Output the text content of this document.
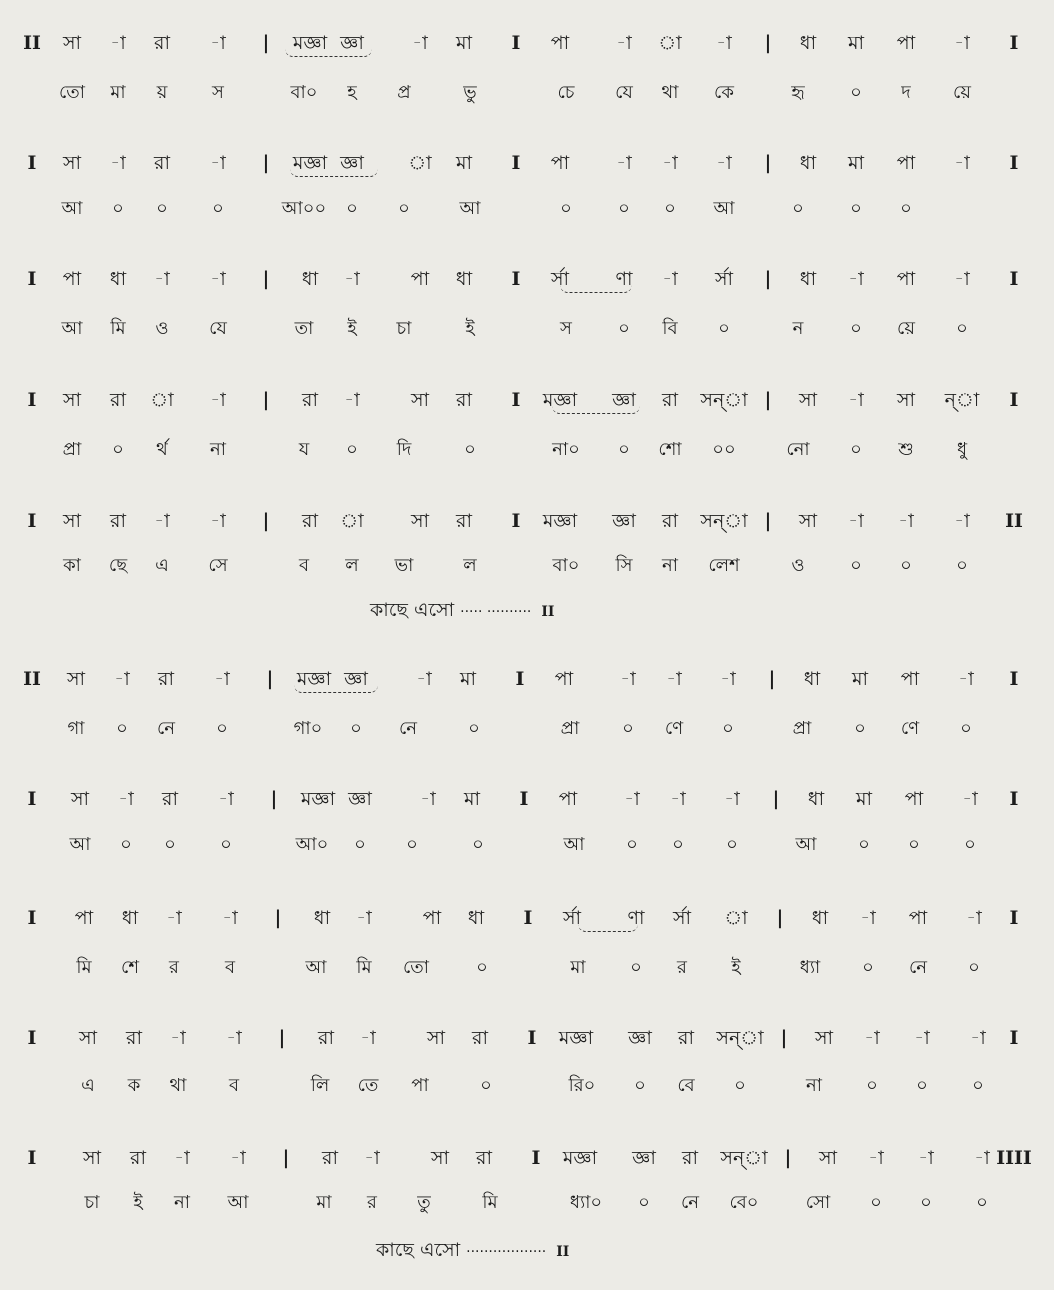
II সা -া রা -া | মজ্ঞা জ্ঞা	-া মা I পা -া া -া | ধা মা পা -া I
তো মা য় স	বা০ হ প্র	ভু	চে যে থা কে	হৃ	০ দ য়ে
I সা -া রা -া | মজ্ঞা জ্ঞা া মা I পা -া -া -া | ধা মা পা -া I
আ ০ ০ ০	আ০০ ০ ০	আ	০	০ ০ আ	০	০ ০
I পা ধা -া -া | ধা -া	পা ধা I র্সা ণা -া র্সা | ধা -া পা -া I
আ মি ও যে	তা ই চা	ই	স	০ বি ০	ন	০ য়ে ০
I সা রা া -া | রা -া	সা রা I মজ্ঞা জ্ঞা রা সন্‌া | সা -া সা ন্‌া I
প্রা ০ র্থ না	য ০ দি	০	না০ ০ শো ০০	নো ০ শু ধু
I সা রা -া -া | রা া সা রা I মজ্ঞা জ্ঞা রা সন্‌া | সা -া -া -া II
কা ছে এ সে	ব ল ভা	ল	বা০ সি না লেশ	ও	০ ০ ০
II সা -া রা -া | মজ্ঞা জ্ঞা	-া মা I পা -া -া -া | ধা মা পা -া I
গা ০ নে ০	গা০ ০ নে	০	প্রা ০ ণে ০	প্রা ০ ণে ০
I সা -া রা -া | মজ্ঞা জ্ঞা	-া মা I পা -া -া -া | ধা মা পা -া I
আ ০ ০ ০	আ০ ০ ০	০	আ ০ ০ ০	আ ০ ০ ০
I পা ধা -া -া | ধা -া	পা ধা I র্সা ণা র্সা া | ধা -া পা -া I
মি শে র	ব	আ মি তো	০	মা ০ র ই	ধ্যা ০ নে ০
I সা রা -া -া | রা -া	সা রা I মজ্ঞা জ্ঞা রা সন্‌া | সা -া -া -া I
এ ক থা ব	লি তে পা	০	রি০ ০ বে ০	না ০ ০ ০
I সা রা -া -া | রা -া	সা রা I মজ্ঞা জ্ঞা রা সন্‌া | সা -া -া -া IIII
চা ই না আ	মা র তু	মি	ধ্যা০ ০ নে বে০	সো ০ ০ ০
কাছে এসো ····· ·········· II
কাছে এসো ·················· II
